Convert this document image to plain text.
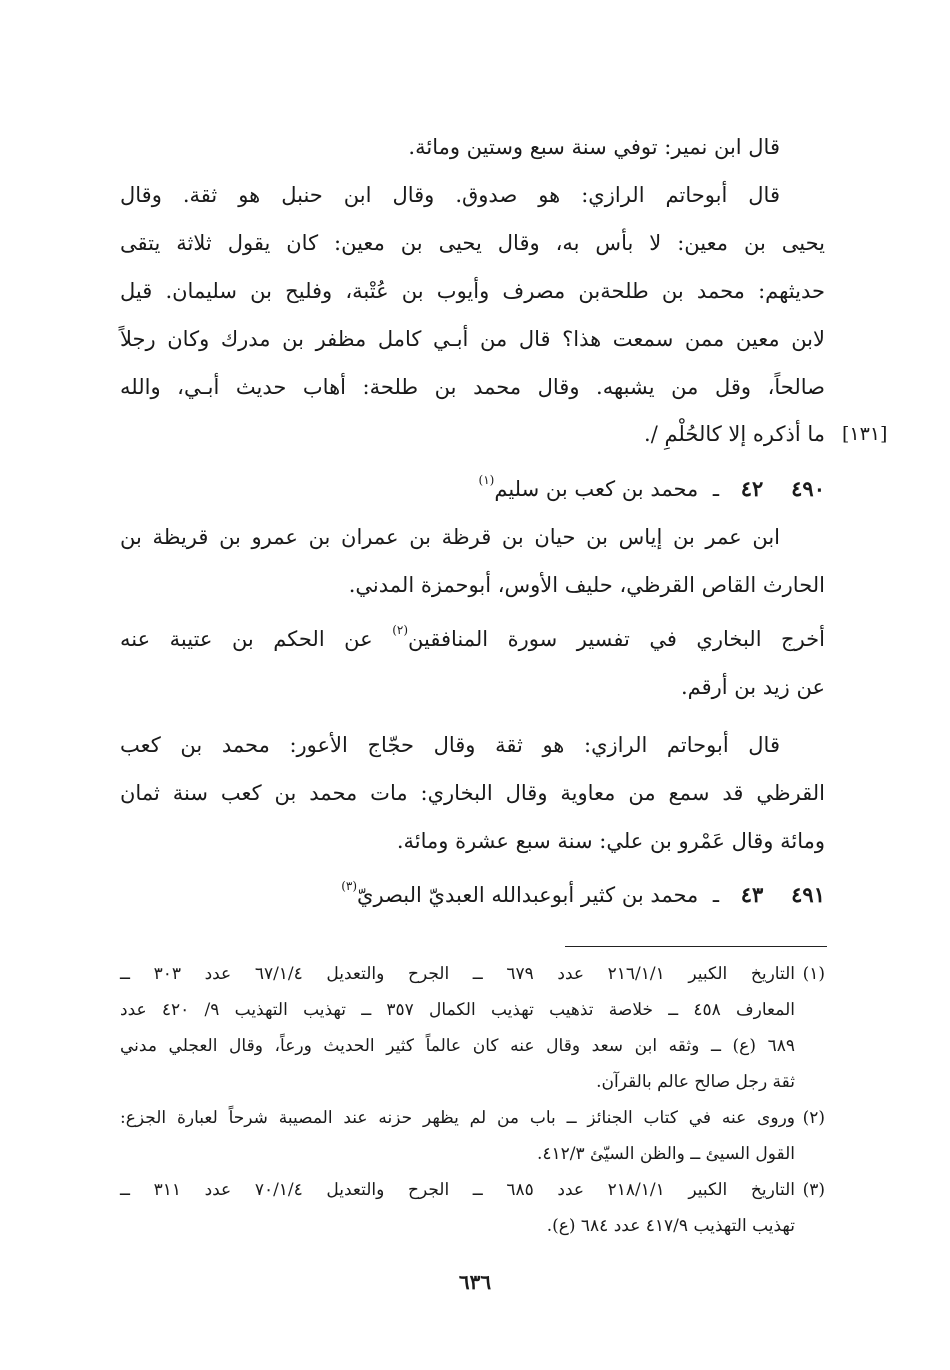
قال ابن نمير: توفي سنة سبع وستين ومائة.
قال أبوحاتم الرازي: هو صدوق. وقال ابن حنبل هو ثقة. وقال
يحيى بن معين: لا بأس به، وقال يحيى بن معين: كان يقول ثلاثة يتقى
حديثهم: محمد بن طلحةبن مصرف وأيوب بن عُتْبة، وفليح بن سليمان. قيل
لابن معين ممن سمعت هذا؟ قال من أبـي كامل مظفر بن مدرك وكان رجلاً
صالحاً، وقل من يشبهه. وقال محمد بن طلحة: أهاب حديث أبـي، والله
ما أذكره إلا كالحُلْمِ /. [١٣١]
٤٩٠٤٢ـ محمد بن كعب بن سليم$^{(١)}$
ابن عمر بن إياس بن حيان بن قرظة بن عمران بن عمرو بن قريظة بن
الحارث القاص القرظي، حليف الأوس، أبوحمزة المدني.
أخرج البخاري في تفسير سورة المنافقين$^{(٢)}$ عن الحكم بن عتيبة عنه
عن زيد بن أرقم.
قال أبوحاتم الرازي: هو ثقة وقال حجّاج الأعور: محمد بن كعب
القرظي قد سمع من معاوية وقال البخاري: مات محمد بن كعب سنة ثمان
ومائة وقال عَمْرو بن علي: سنة سبع عشرة ومائة.
٤٩١٤٣ـ محمد بن كثير أبوعبدالله العبديّ البصريّ$^{(٣)}$
(١)التاريخ الكبير ٢١٦/١/١ عدد ٦٧٩ ــ الجرح والتعديل ٦٧/١/٤ عدد ٣٠٣ ــ
المعارف ٤٥٨ ــ خلاصة تذهيب تهذيب الكمال ٣٥٧ ــ تهذيب التهذيب ٩/ ٤٢٠ عدد
٦٨٩ (ع) ــ وثقه ابن سعد وقال عنه كان عالماً كثير الحديث ورعاً، وقال العجلي مدني
ثقة رجل صالح عالم بالقرآن.
(٢)وروى عنه في كتاب الجنائز ــ باب من لم يظهر حزنه عند المصيبة شرحاً لعبارة الجزع:
القول السيئ ــ والظن السيّئ ٤١٢/٣.
(٣)التاريخ الكبير ٢١٨/١/١ عدد ٦٨٥ ــ الجرح والتعديل ٧٠/١/٤ عدد ٣١١ ــ
تهذيب التهذيب ٤١٧/٩ عدد ٦٨٤ (ع).
٦٣٦
